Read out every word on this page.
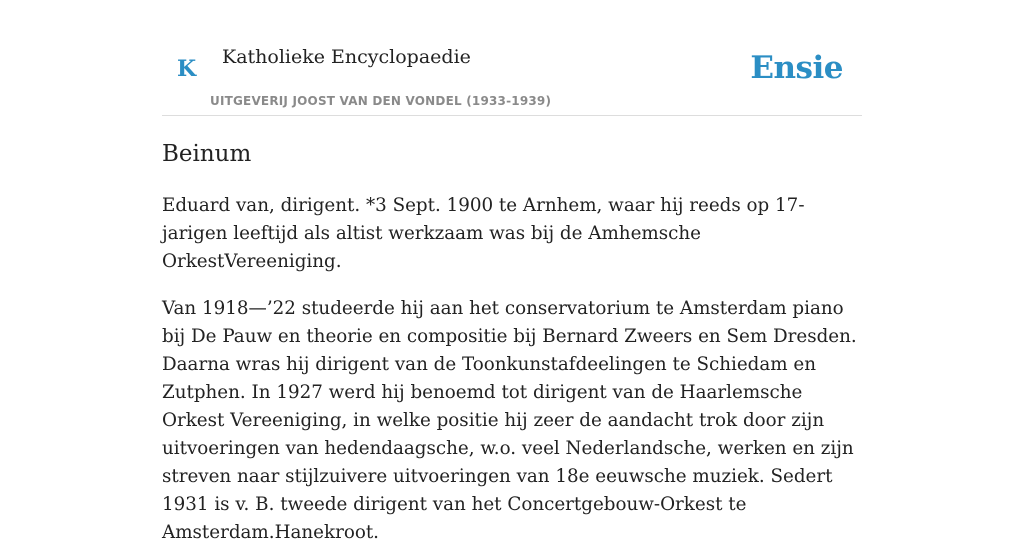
K Katholieke Encyclopaedie
UITGEVERIJ JOOST VAN DEN VONDEL (1933-1939)
Ensie
Beinum

Eduard van, dirigent. *3 Sept. 1900 te Arnhem, waar hij reeds op 17-jarigen leeftijd als altist werkzaam was bij de Amhemsche OrkestVereeniging.

Van 1918—’22 studeerde hij aan het conservatorium te Amsterdam piano bij De Pauw en theorie en compositie bij Bernard Zweers en Sem Dresden. Daarna wras hij dirigent van de Toonkunstafdeelingen te Schiedam en Zutphen. In 1927 werd hij benoemd tot dirigent van de Haarlemsche Orkest Vereeniging, in welke positie hij zeer de aandacht trok door zijn uitvoeringen van hedendaagsche, w.o. veel Nederlandsche, werken en zijn streven naar stijlzuivere uitvoeringen van 18e eeuwsche muziek. Sedert 1931 is v. B. tweede dirigent van het Concertgebouw-Orkest te Amsterdam.Hanekroot.
